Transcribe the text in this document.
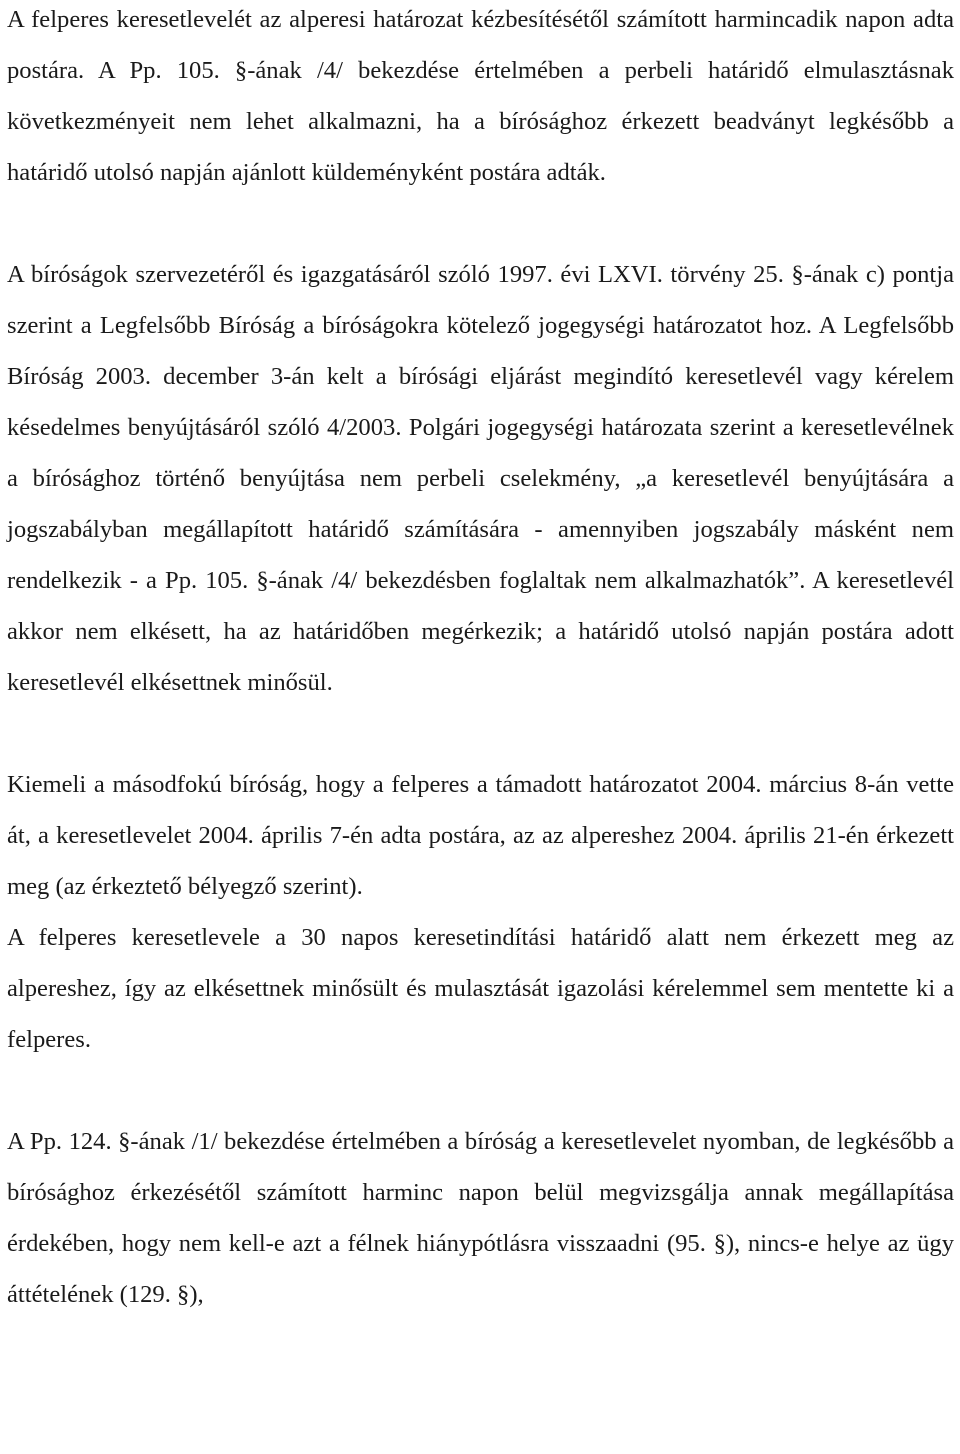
A felperes keresetlevelét az alperesi határozat kézbesítésétől számított harmincadik napon adta postára. A Pp. 105. §-ának /4/ bekezdése értelmében a perbeli határidő elmulasztásnak következményeit nem lehet alkalmazni, ha a bírósághoz érkezett beadványt legkésőbb a határidő utolsó napján ajánlott küldeményként postára adták.

A bíróságok szervezetéről és igazgatásáról szóló 1997. évi LXVI. törvény 25. §-ának c) pontja szerint a Legfelsőbb Bíróság a bíróságokra kötelező jogegységi határozatot hoz. A Legfelsőbb Bíróság 2003. december 3-án kelt a bírósági eljárást megindító keresetlevél vagy kérelem késedelmes benyújtásáról szóló 4/2003. Polgári jogegységi határozata szerint a keresetlevélnek a bírósághoz történő benyújtása nem perbeli cselekmény, „a keresetlevél benyújtására a jogszabályban megállapított határidő számítására - amennyiben jogszabály másként nem rendelkezik - a Pp. 105. §-ának /4/ bekezdésben foglaltak nem alkalmazhatók”. A keresetlevél akkor nem elkésett, ha az határidőben megérkezik; a határidő utolsó napján postára adott keresetlevél elkésettnek minősül.

Kiemeli a másodfokú bíróság, hogy a felperes a támadott határozatot 2004. március 8-án vette át, a keresetlevelet 2004. április 7-én adta postára, az az alpereshez 2004. április 21-én érkezett meg (az érkeztető bélyegző szerint).

A felperes keresetlevele a 30 napos keresetindítási határidő alatt nem érkezett meg az alpereshez, így az elkésettnek minősült és mulasztását igazolási kérelemmel sem mentette ki a felperes.

A Pp. 124. §-ának /1/ bekezdése értelmében a bíróság a keresetlevelet nyomban, de legkésőbb a bírósághoz érkezésétől számított harminc napon belül megvizsgálja annak megállapítása érdekében, hogy nem kell-e azt a félnek hiánypótlásra visszaadni (95. §), nincs-e helye az ügy áttételének (129. §),
